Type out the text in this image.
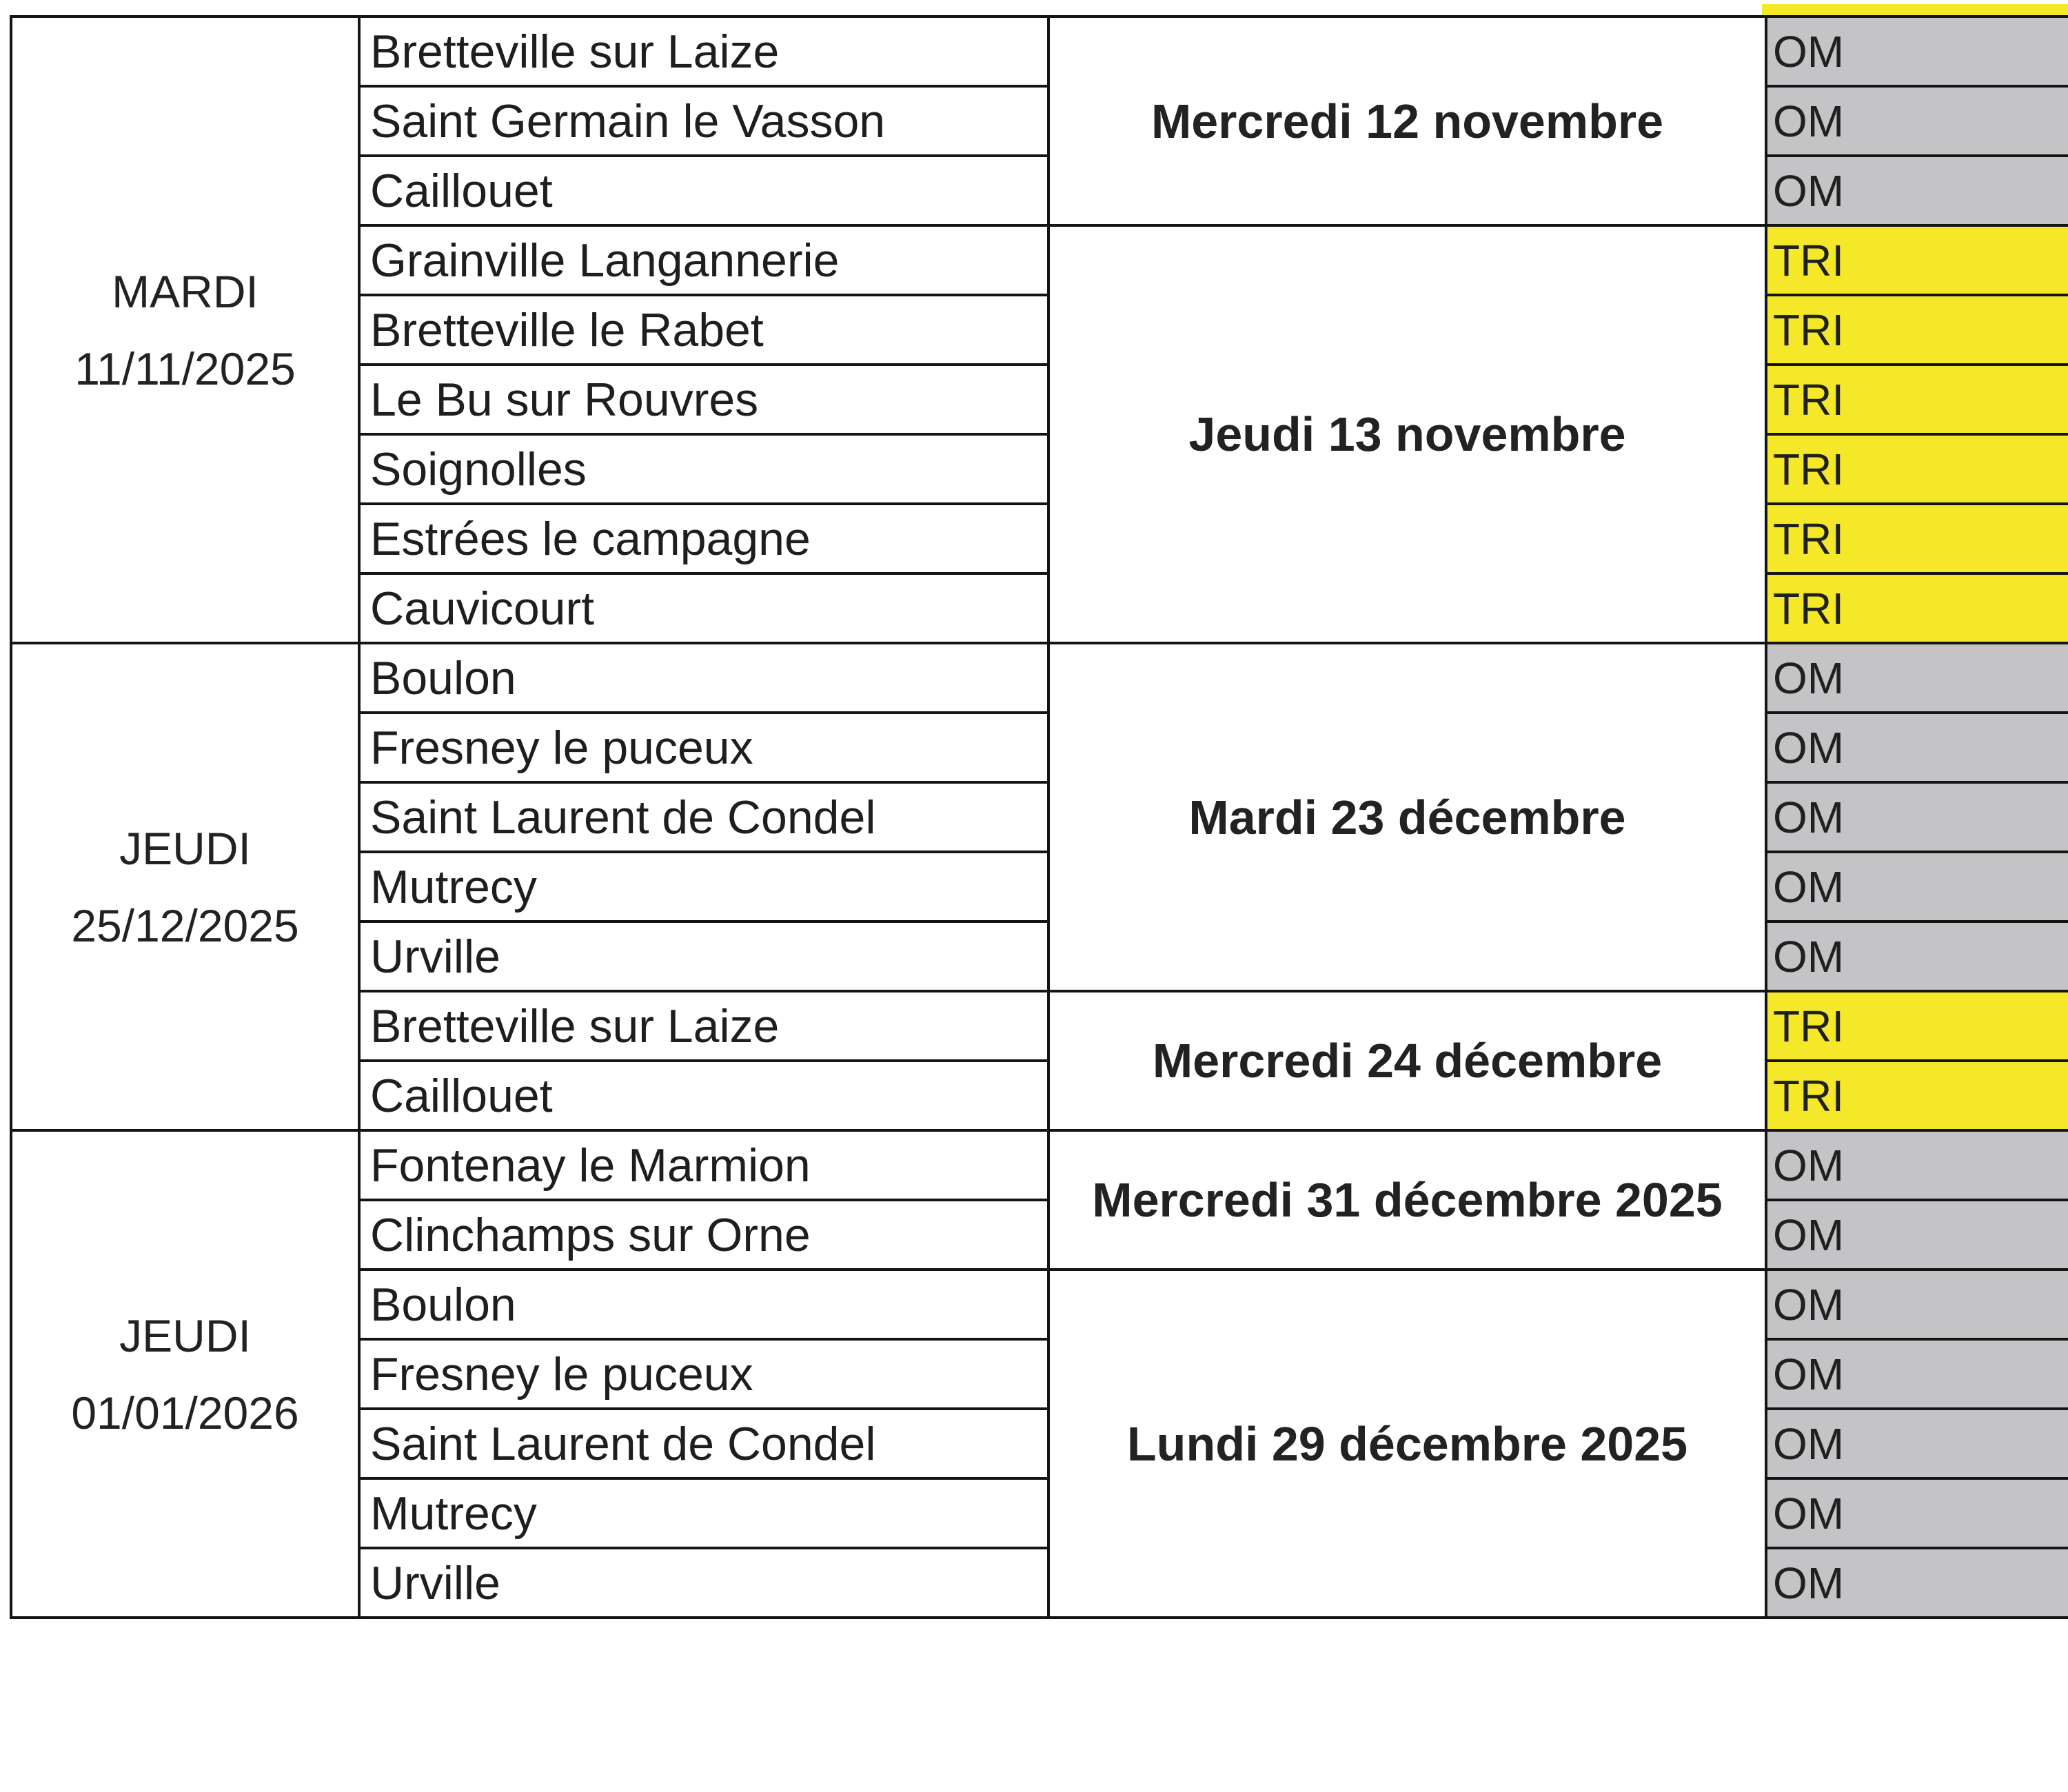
MARDI
11/11/2025	Bretteville sur Laize	Mercredi 12 novembre	OM
	Saint Germain le Vasson		OM
	Caillouet		OM
	Grainville Langannerie	Jeudi 13 novembre	TRI
	Bretteville le Rabet		TRI
	Le Bu sur Rouvres		TRI
	Soignolles		TRI
	Estrées le campagne		TRI
	Cauvicourt		TRI

JEUDI
25/12/2025	Boulon	Mardi 23 décembre	OM
	Fresney le puceux		OM
	Saint Laurent de Condel		OM
	Mutrecy		OM
	Urville		OM
	Bretteville sur Laize	Mercredi 24 décembre	TRI
	Caillouet		TRI

JEUDI
01/01/2026	Fontenay le Marmion	Mercredi 31 décembre 2025	OM
	Clinchamps sur Orne		OM
	Boulon	Lundi 29 décembre 2025	OM
	Fresney le puceux		OM
	Saint Laurent de Condel		OM
	Mutrecy		OM
	Urville		OM
